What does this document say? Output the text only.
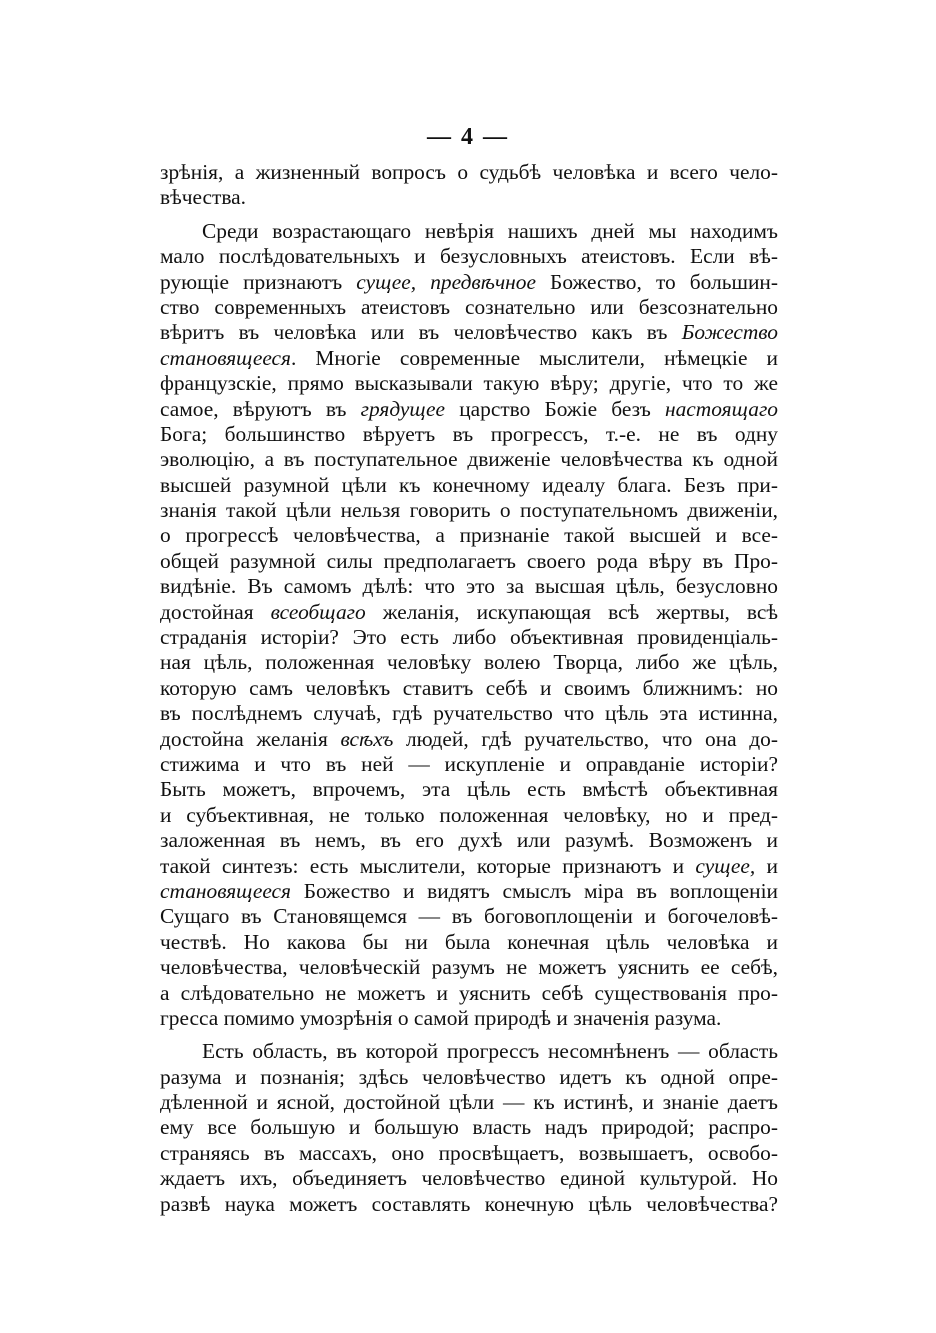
— 4 —
зрѣнія, а жизненный вопросъ о судьбѣ человѣка и всего чело-
вѣчества.
Среди возрастающаго невѣрія нашихъ дней мы находимъ
мало послѣдовательныхъ и безусловныхъ атеистовъ. Если вѣ-
рующіе признаютъ сущее, предвѣчное Божество, то большин-
ство современныхъ атеистовъ сознательно или безсознательно
вѣритъ въ человѣка или въ человѣчество какъ въ Божество
становящееся. Многіе современные мыслители, нѣмецкіе и
французскіе, прямо высказывали такую вѣру; другіе, что то же
самое, вѣруютъ въ грядущее царство Божіе безъ настоящаго
Бога; большинство вѣруетъ въ прогрессъ, т.-е. не въ одну
эволюцію, а въ поступательное движеніе человѣчества къ одной
высшей разумной цѣли къ конечному идеалу блага. Безъ при-
знанія такой цѣли нельзя говорить о поступательномъ движеніи,
о прогрессѣ человѣчества, а признаніе такой высшей и все-
общей разумной силы предполагаетъ своего рода вѣру въ Про-
видѣніе. Въ самомъ дѣлѣ: что это за высшая цѣль, безусловно
достойная всеобщаго желанія, искупающая всѣ жертвы, всѣ
страданія исторіи? Это есть либо объективная провиденціаль-
ная цѣль, положенная человѣку волею Творца, либо же цѣль,
которую самъ человѣкъ ставитъ себѣ и своимъ ближнимъ: но
въ послѣднемъ случаѣ, гдѣ ручательство что цѣль эта истинна,
достойна желанія всѣхъ людей, гдѣ ручательство, что она до-
стижима и что въ ней — искупленіе и оправданіе исторіи?
Быть можетъ, впрочемъ, эта цѣль есть вмѣстѣ объективная
и субъективная, не только положенная человѣку, но и пред-
заложенная въ немъ, въ его духѣ или разумѣ. Возможенъ и
такой синтезъ: есть мыслители, которые признаютъ и сущее, и
становящееся Божество и видятъ смыслъ міра въ воплощеніи
Сущаго въ Становящемся — въ боговоплощеніи и богочеловѣ-
чествѣ. Но какова бы ни была конечная цѣль человѣка и
человѣчества, человѣческій разумъ не можетъ уяснить ее себѣ,
а слѣдовательно не можетъ и уяснить себѣ существованія про-
гресса помимо умозрѣнія о самой природѣ и значенія разума.
Есть область, въ которой прогрессъ несомнѣненъ — область
разума и познанія; здѣсь человѣчество идетъ къ одной опре-
дѣленной и ясной, достойной цѣли — къ истинѣ, и знаніе даетъ
ему все большую и большую власть надъ природой; распро-
страняясь въ массахъ, оно просвѣщаетъ, возвышаетъ, освобо-
ждаетъ ихъ, объединяетъ человѣчество единой культурой. Но
развѣ наука можетъ составлять конечную цѣль человѣчества?
